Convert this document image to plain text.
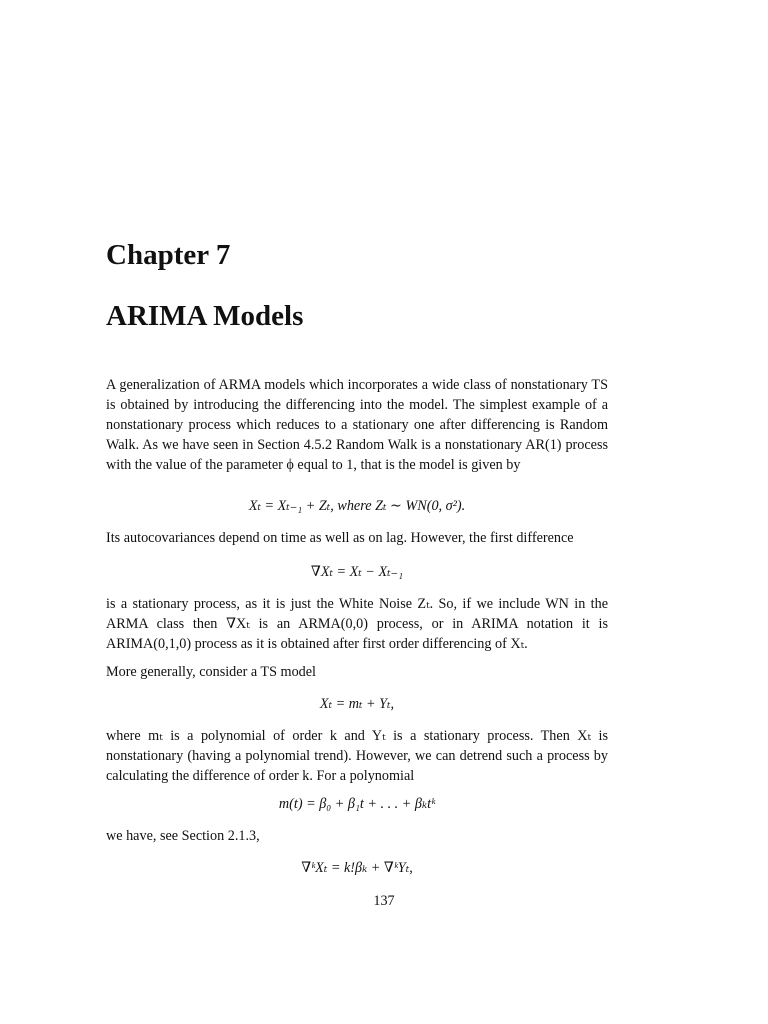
Chapter 7
ARIMA Models

A generalization of ARMA models which incorporates a wide class of nonstationary TS is obtained by introducing the differencing into the model. The simplest example of a nonstationary process which reduces to a stationary one after differencing is Random Walk. As we have seen in Section 4.5.2 Random Walk is a nonstationary AR(1) process with the value of the parameter ϕ equal to 1, that is the model is given by

Xₜ = Xₜ₋₁ + Zₜ, where Zₜ ∼ WN(0, σ²).

Its autocovariances depend on time as well as on lag. However, the first difference

∇Xₜ = Xₜ − Xₜ₋₁

is a stationary process, as it is just the White Noise Zₜ. So, if we include WN in the ARMA class then ∇Xₜ is an ARMA(0,0) process, or in ARIMA notation it is ARIMA(0,1,0) process as it is obtained after first order differencing of Xₜ.

More generally, consider a TS model

Xₜ = mₜ + Yₜ,

where mₜ is a polynomial of order k and Yₜ is a stationary process. Then Xₜ is nonstationary (having a polynomial trend). However, we can detrend such a process by calculating the difference of order k. For a polynomial

m(t) = β₀ + β₁t + . . . + βₖtᵏ

we have, see Section 2.1.3,

∇ᵏXₜ = k!βₖ + ∇ᵏYₜ,
137
